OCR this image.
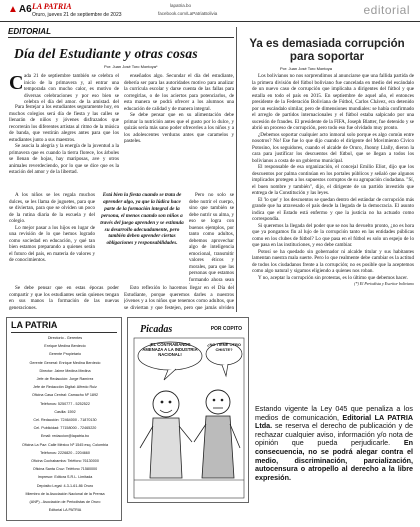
▲A6 LA PATRIA
Oruro, jueves 21 de septiembre de 2023
lapatria.bo
facebook.com/LaPatriaBolivia	editorial
EDITORIAL
Día del Estudiante y otras cosas
Por: Juan José Toro Montoya*
C ada 21 de septiembre también se celebra el inicio de la primavera y, al entrar una temporada con mucho calor, es motivo de diversas celebraciones y por eso bien se celebra el día del amor, de la amistad, del

Para festejar a los estudiantes seguramente hoy, en muchos colegios será día de fiesta y las calles se llenarán de niños y jóvenes disfrazados que recorrerán los diferentes artistas al ritmo de la música de banda, que vestirán alegres antes para que los estudiantes junto a sus maestros.

Se asocia la alegría y la energía de la juventud a la primavera que es cuando la tierra florece, los árboles se llenan de hojas, hay mariposas, ave y otros animales reverdeciendo, por lo que se dice que es la estación del amor y de la libertad.

A los niños se les regala muchos dulces, se les llama de juguetes, para que se diviertan, para que se olviden un poco de la rutina diaria de la escuela y del colegio.

Lo mejor pasar a los hijos en lugar de una revisión de lo que hemos logrado como sociedad en educación, y qué tan bien estamos preparando a quienes serán el futuro del país, en materia de valores y de conocimientos.

Se debe pensar que en estas épocas poder compartir y que los estudiantes serán quienes tengan en sus manos la formación de las nuevas generaciones.

enseñados algo. Secundar el día del estudiante, debería ser para las autoridades motivo para analizar la currícula escolar y darse cuenta de las fallas para corregirlas, o de los aciertos para potenciarlos, de esta manera se podrá ofrecer a los alumnos una educación de calidad y de manera integral.

Se debe pensar que en su alimentación debe primar la nutrición antes que el gusto por lo dulce, y quizás sería más sano poder ofrecerles a los niños y a los adolescentes verduras antes que caramelos y pasteles.

Pero no solo se debe nutrir el cuerpo, sino que también se debe nutrir su alma, y eso se logra con buenos ejemplos, por tanto como adultos, debemos aprovechar algo de inteligencia emocional, transmitir valores éticos y morales, para que las personas que estamos formando ahora sean

Esto reflexión lo hacemos llegar en el Día del Estudiante, porque queremos darles a nuestros jóvenes y a los niños que tenemos como adultos, que se diviertan y que festejen, pero que jamás olviden

Está bien la fiesta cuando se trata de aprender algo, ya que la lúdica hace parte de la formación integral de la persona, el menos cuando son niños a través del juego aprenden y se estimula su desarrollo adecuadamente, pero también deben aprender ciertas obligaciones y responsabilidades.
Ya es demasiada corrupción para soportar
Por: Juan José Toro Montoya

Los bolivianos no nos sorprendimos al anunciarse que una fallida partida de la primera división del fútbol boliviano fue cancelada en medio del escándalo de un nuevo caso de corrupción que implicaba a dirigentes del fútbol y que estalla en todo el país en 2015. En septiembre de aquel año, el entonces presidente de la Federación Boliviana de Fútbol, Carlos Chávez, era detenido por un escándalo similar, pero de dimensiones mundiales: se había confirmado el arreglo de partidos internacionales y el fútbol estaba salpicado por una sucesión de fraudes. El presidente de la FIFA, Joseph Blatter, fue detenido y se abrió un proceso de corrupción, pero todo eso fue olvidado muy pronto.

¿Debemos soportar cualquier acto inmoral solo porque es algo común entre nosotros? No! Ese fue lo que dijo cuando el dirigente del Movimiento Cívico Potosino, los seguidores, cuando el alcalde de Oruro, Jhonny Llally, dieron la cara para justificar los descuentos del fútbol, que se llegan a todos los bolivianos a costa de un gobierno municipal.

El responsable de esa organización, el concejal Emilio Eliot, dijo que los descuentos por palma continúan en los portales públicos y señaló que algunos implicados protegen a los supuestos corruptos de su agrupación ciudadana. "Sí, el buen nombre y también", dijo, el dirigente de un partido investido que entrega de la Constitución y las leyes.

El 'lo que' y los descuentos se quedan dentro del estándar de corrupción más grande que ha atravesado el país desde la llegada de la democracia. El asunto indica que el Estado está enfermo y que la justicia no ha actuado como correspondía.

Si queremos la llegada del poder que se nos ha devuelto pronto, ¿no es hora que ya pongamos fin al lujo de la corrupción tanto en las entidades públicas como en los clubes de fútbol? Lo que pasa en el fútbol es solo un espejo de lo que pasa en las instituciones, y eso debe cambiar.

Potosí se ha quedado sin gobernador ni alcalde titular y sus habitantes lamentan nuestra mala suerte. Pero lo que realmente debe cambiar es la actitud de todos los ciudadanos frente a la corrupción; no es posible que la aceptemos como algo natural y sigamos eligiendo a quienes nos roban.

Y no, aceptar la corrupción sin protestas, es lo último que debemos hacer.

(*) El Periodista y Escritor boliviano

LA PATRIA
Directorio - Gerentes
Enrique Medina Berdecio
Gerente Propietario
Gerente General: Enrique Medina Berdecio
Director: Jaime Medina Medina
Jefe de Redacción: Jorge Ramírez
Jefe de Redacción Digital: Alfredo Ruiz
Oficina Casa Central: Camacho Nº 1892
Teléfonos: 5250777 - 5252522
Casilla: 1592
Cel. Redacción: 72464000 - 71870130
Cel. Publicidad: 77158000 - 72465220
Email: redaccion@lapatria.bo
Oficina La Paz: Calle México Nº 1545 esq. Colombia
Teléfonos: 2226820 - 2204660
Oficina Cochabamba: Teléfono 76130000
Oficina Santa Cruz: Teléfono 71580000
Impresor: Editora S.R.L. Limitada
Depósito Legal: 4-3-1-61-86 Oruro
Miembro de la Asociación Nacional de la Prensa
(ANP) - Asociación de Periodistas de Oruro
Editorial LA PATRIA
Picadas	POR COPITO
¡EL CONTRABANDO AMENAZA A LA INDUSTRIA NACIONAL!
¿NO TIENE OTRO CHISTE?
Estando vigente la Ley 045 que penaliza a los medios de comunicación, Editorial LA PATRIA Ltda. se reserva el derecho de publicación y de rechazar cualquier aviso, información y/o nota de opinión que pueda perjudicarle. En consecuencia, no se podrá alegar contra el medio, discriminación, parcialización, autocensura o atropello al derecho a la libre expresión.
